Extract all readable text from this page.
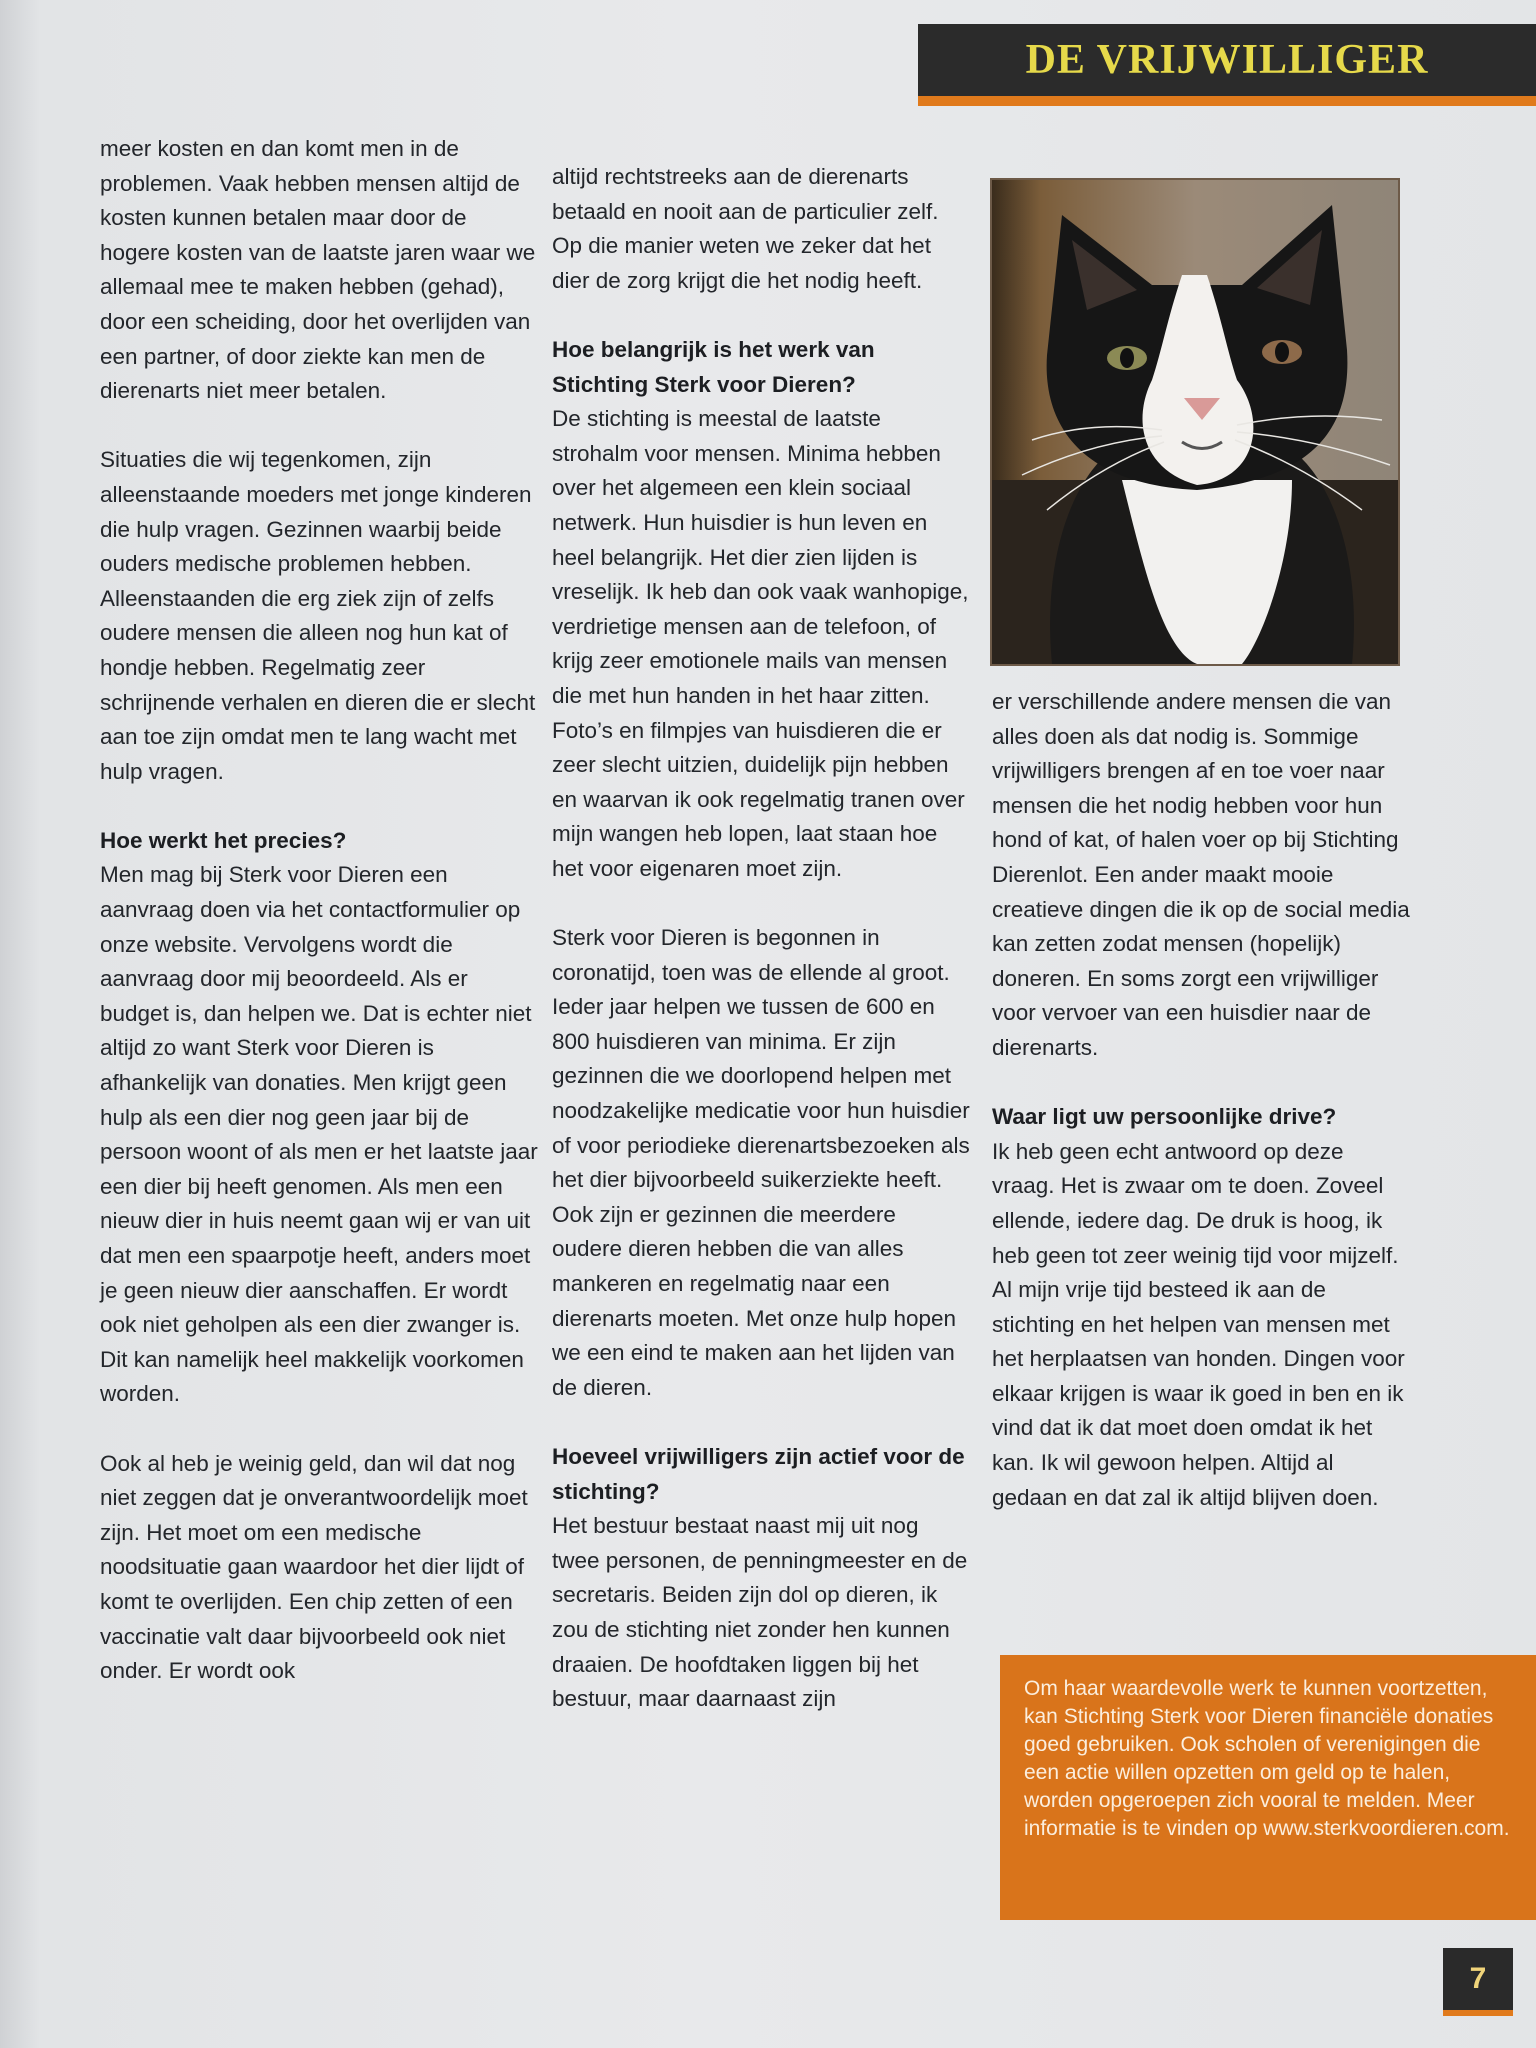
DE VRIJWILLIGER

meer kosten en dan komt men in de problemen. Vaak hebben mensen altijd de kosten kunnen betalen maar door de hogere kosten van de laatste jaren waar we allemaal mee te maken hebben (gehad), door een scheiding, door het overlijden van een partner, of door ziekte kan men de dierenarts niet meer betalen.

Situaties die wij tegenkomen, zijn alleenstaande moeders met jonge kinderen die hulp vragen. Gezinnen waarbij beide ouders medische problemen hebben. Alleenstaanden die erg ziek zijn of zelfs oudere mensen die alleen nog hun kat of hondje hebben. Regelmatig zeer schrijnende verhalen en dieren die er slecht aan toe zijn omdat men te lang wacht met hulp vragen.

Hoe werkt het precies?

Men mag bij Sterk voor Dieren een aanvraag doen via het contactformulier op onze website. Vervolgens wordt die aanvraag door mij beoordeeld. Als er budget is, dan helpen we. Dat is echter niet altijd zo want Sterk voor Dieren is afhankelijk van donaties. Men krijgt geen hulp als een dier nog geen jaar bij de persoon woont of als men er het laatste jaar een dier bij heeft genomen. Als men een nieuw dier in huis neemt gaan wij er van uit dat men een spaarpotje heeft, anders moet je geen nieuw dier aanschaffen. Er wordt ook niet geholpen als een dier zwanger is. Dit kan namelijk heel makkelijk voorkomen worden.

Ook al heb je weinig geld, dan wil dat nog niet zeggen dat je onverantwoordelijk moet zijn. Het moet om een medische noodsituatie gaan waardoor het dier lijdt of komt te overlijden. Een chip zetten of een vaccinatie valt daar bijvoorbeeld ook niet onder. Er wordt ook

altijd rechtstreeks aan de dierenarts betaald en nooit aan de particulier zelf. Op die manier weten we zeker dat het dier de zorg krijgt die het nodig heeft.

Hoe belangrijk is het werk van Stichting Sterk voor Dieren?

De stichting is meestal de laatste strohalm voor mensen. Minima hebben over het algemeen een klein sociaal netwerk. Hun huisdier is hun leven en heel belangrijk. Het dier zien lijden is vreselijk. Ik heb dan ook vaak wanhopige, verdrietige mensen aan de telefoon, of krijg zeer emotionele mails van mensen die met hun handen in het haar zitten. Foto’s en filmpjes van huisdieren die er zeer slecht uitzien, duidelijk pijn hebben en waarvan ik ook regelmatig tranen over mijn wangen heb lopen, laat staan hoe het voor eigenaren moet zijn.

Sterk voor Dieren is begonnen in coronatijd, toen was de ellende al groot. Ieder jaar helpen we tussen de 600 en 800 huisdieren van minima. Er zijn gezinnen die we doorlopend helpen met noodzakelijke medicatie voor hun huisdier of voor periodieke dierenartsbezoeken als het dier bijvoorbeeld suikerziekte heeft. Ook zijn er gezinnen die meerdere oudere dieren hebben die van alles mankeren en regelmatig naar een dierenarts moeten. Met onze hulp hopen we een eind te maken aan het lijden van de dieren.

Hoeveel vrijwilligers zijn actief voor de stichting?

Het bestuur bestaat naast mij uit nog twee personen, de penningmeester en de secretaris. Beiden zijn dol op dieren, ik zou de stichting niet zonder hen kunnen draaien. De hoofdtaken liggen bij het bestuur, maar daarnaast zijn

er verschillende andere mensen die van alles doen als dat nodig is. Sommige vrijwilligers brengen af en toe voer naar mensen die het nodig hebben voor hun hond of kat, of halen voer op bij Stichting Dierenlot. Een ander maakt mooie creatieve dingen die ik op de social media kan zetten zodat mensen (hopelijk) doneren. En soms zorgt een vrijwilliger voor vervoer van een huisdier naar de dierenarts.

Waar ligt uw persoonlijke drive?

Ik heb geen echt antwoord op deze vraag. Het is zwaar om te doen. Zoveel ellende, iedere dag. De druk is hoog, ik heb geen tot zeer weinig tijd voor mijzelf. Al mijn vrije tijd besteed ik aan de stichting en het helpen van mensen met het herplaatsen van honden. Dingen voor elkaar krijgen is waar ik goed in ben en ik vind dat ik dat moet doen omdat ik het kan. Ik wil gewoon helpen. Altijd al gedaan en dat zal ik altijd blijven doen.

Om haar waardevolle werk te kunnen voortzetten, kan Stichting Sterk voor Dieren financiële donaties goed gebruiken. Ook scholen of verenigingen die een actie willen opzetten om geld op te halen, worden opgeroepen zich vooral te melden. Meer informatie is te vinden op www.sterkvoordieren.com.
7
